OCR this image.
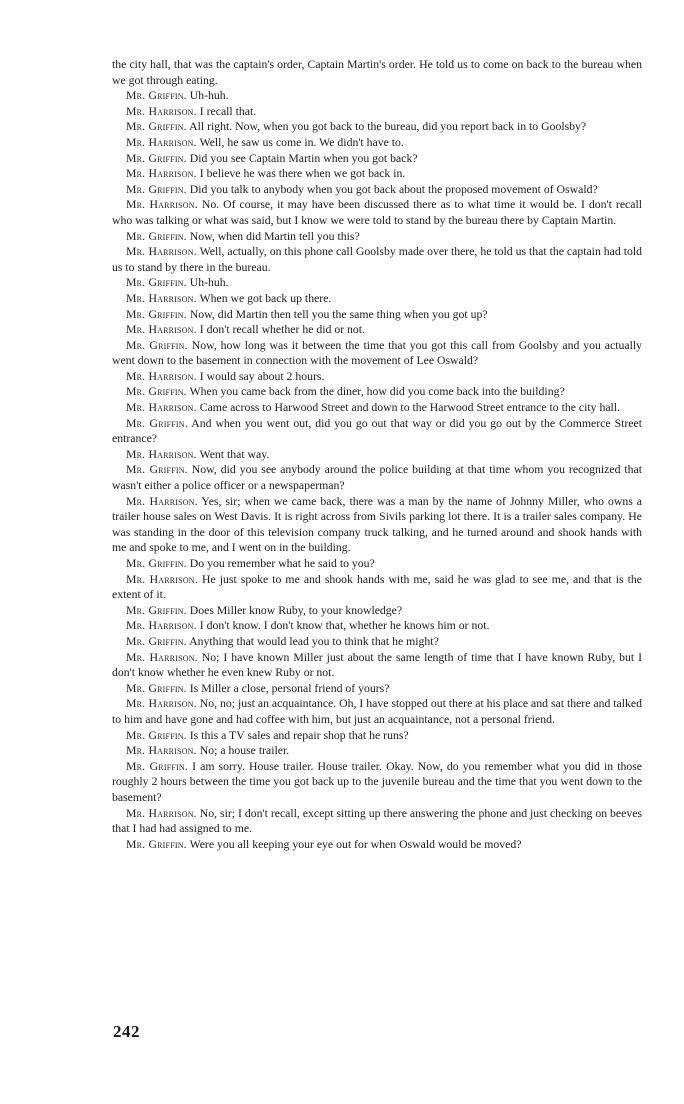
the city hall, that was the captain's order, Captain Martin's order. He told us to come on back to the bureau when we got through eating.

Mr. Griffin. Uh-huh.

Mr. Harrison. I recall that.

Mr. Griffin. All right. Now, when you got back to the bureau, did you report back in to Goolsby?

Mr. Harrison. Well, he saw us come in. We didn't have to.

Mr. Griffin. Did you see Captain Martin when you got back?

Mr. Harrison. I believe he was there when we got back in.

Mr. Griffin. Did you talk to anybody when you got back about the proposed movement of Oswald?

Mr. Harrison. No. Of course, it may have been discussed there as to what time it would be. I don't recall who was talking or what was said, but I know we were told to stand by the bureau there by Captain Martin.

Mr. Griffin. Now, when did Martin tell you this?

Mr. Harrison. Well, actually, on this phone call Goolsby made over there, he told us that the captain had told us to stand by there in the bureau.

Mr. Griffin. Uh-huh.

Mr. Harrison. When we got back up there.

Mr. Griffin. Now, did Martin then tell you the same thing when you got up?

Mr. Harrison. I don't recall whether he did or not.

Mr. Griffin. Now, how long was it between the time that you got this call from Goolsby and you actually went down to the basement in connection with the movement of Lee Oswald?

Mr. Harrison. I would say about 2 hours.

Mr. Griffin. When you came back from the diner, how did you come back into the building?

Mr. Harrison. Came across to Harwood Street and down to the Harwood Street entrance to the city hall.

Mr. Griffin. And when you went out, did you go out that way or did you go out by the Commerce Street entrance?

Mr. Harrison. Went that way.

Mr. Griffin. Now, did you see anybody around the police building at that time whom you recognized that wasn't either a police officer or a newspaperman?

Mr. Harrison. Yes, sir; when we came back, there was a man by the name of Johnny Miller, who owns a trailer house sales on West Davis. It is right across from Sivils parking lot there. It is a trailer sales company. He was standing in the door of this television company truck talking, and he turned around and shook hands with me and spoke to me, and I went on in the building.

Mr. Griffin. Do you remember what he said to you?

Mr. Harrison. He just spoke to me and shook hands with me, said he was glad to see me, and that is the extent of it.

Mr. Griffin. Does Miller know Ruby, to your knowledge?

Mr. Harrison. I don't know. I don't know that, whether he knows him or not.

Mr. Griffin. Anything that would lead you to think that he might?

Mr. Harrison. No; I have known Miller just about the same length of time that I have known Ruby, but I don't know whether he even knew Ruby or not.

Mr. Griffin. Is Miller a close, personal friend of yours?

Mr. Harrison. No, no; just an acquaintance. Oh, I have stopped out there at his place and sat there and talked to him and have gone and had coffee with him, but just an acquaintance, not a personal friend.

Mr. Griffin. Is this a TV sales and repair shop that he runs?

Mr. Harrison. No; a house trailer.

Mr. Griffin. I am sorry. House trailer. House trailer. Okay. Now, do you remember what you did in those roughly 2 hours between the time you got back up to the juvenile bureau and the time that you went down to the basement?

Mr. Harrison. No, sir; I don't recall, except sitting up there answering the phone and just checking on beeves that I had had assigned to me.

Mr. Griffin. Were you all keeping your eye out for when Oswald would be moved?

242
